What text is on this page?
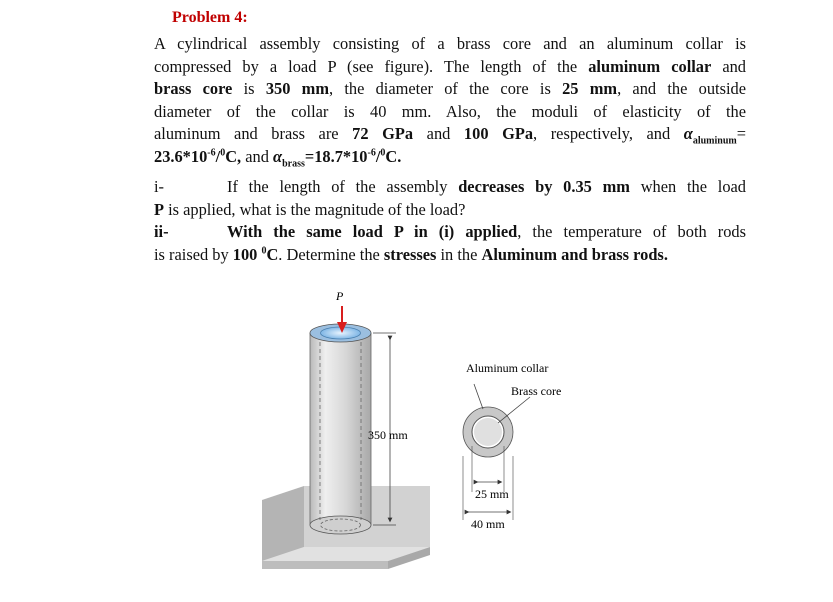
Problem 4:
A cylindrical assembly consisting of a brass core and an aluminum collar is
compressed by a load P (see figure). The length of the aluminum collar and
brass core is 350 mm, the diameter of the core is 25 mm, and the outside
diameter of the collar is 40 mm. Also, the moduli of elasticity of the
aluminum and brass are 72 GPa and 100 GPa, respectively, and $\alpha_{aluminum}=$
$23.6*10^{-6}/^0C$, and $\alpha_{brass}=18.7*10^{-6}/^0C$.
i-	If the length of the assembly decreases by 0.35 mm when the load
P is applied, what is the magnitude of the load?
ii-	With the same load P in (i) applied, the temperature of both rods
is raised by 100 $^0$C. Determine the stresses in the Aluminum and brass rods.
P
350 mm
Aluminum collar
Brass core
25 mm
40 mm
